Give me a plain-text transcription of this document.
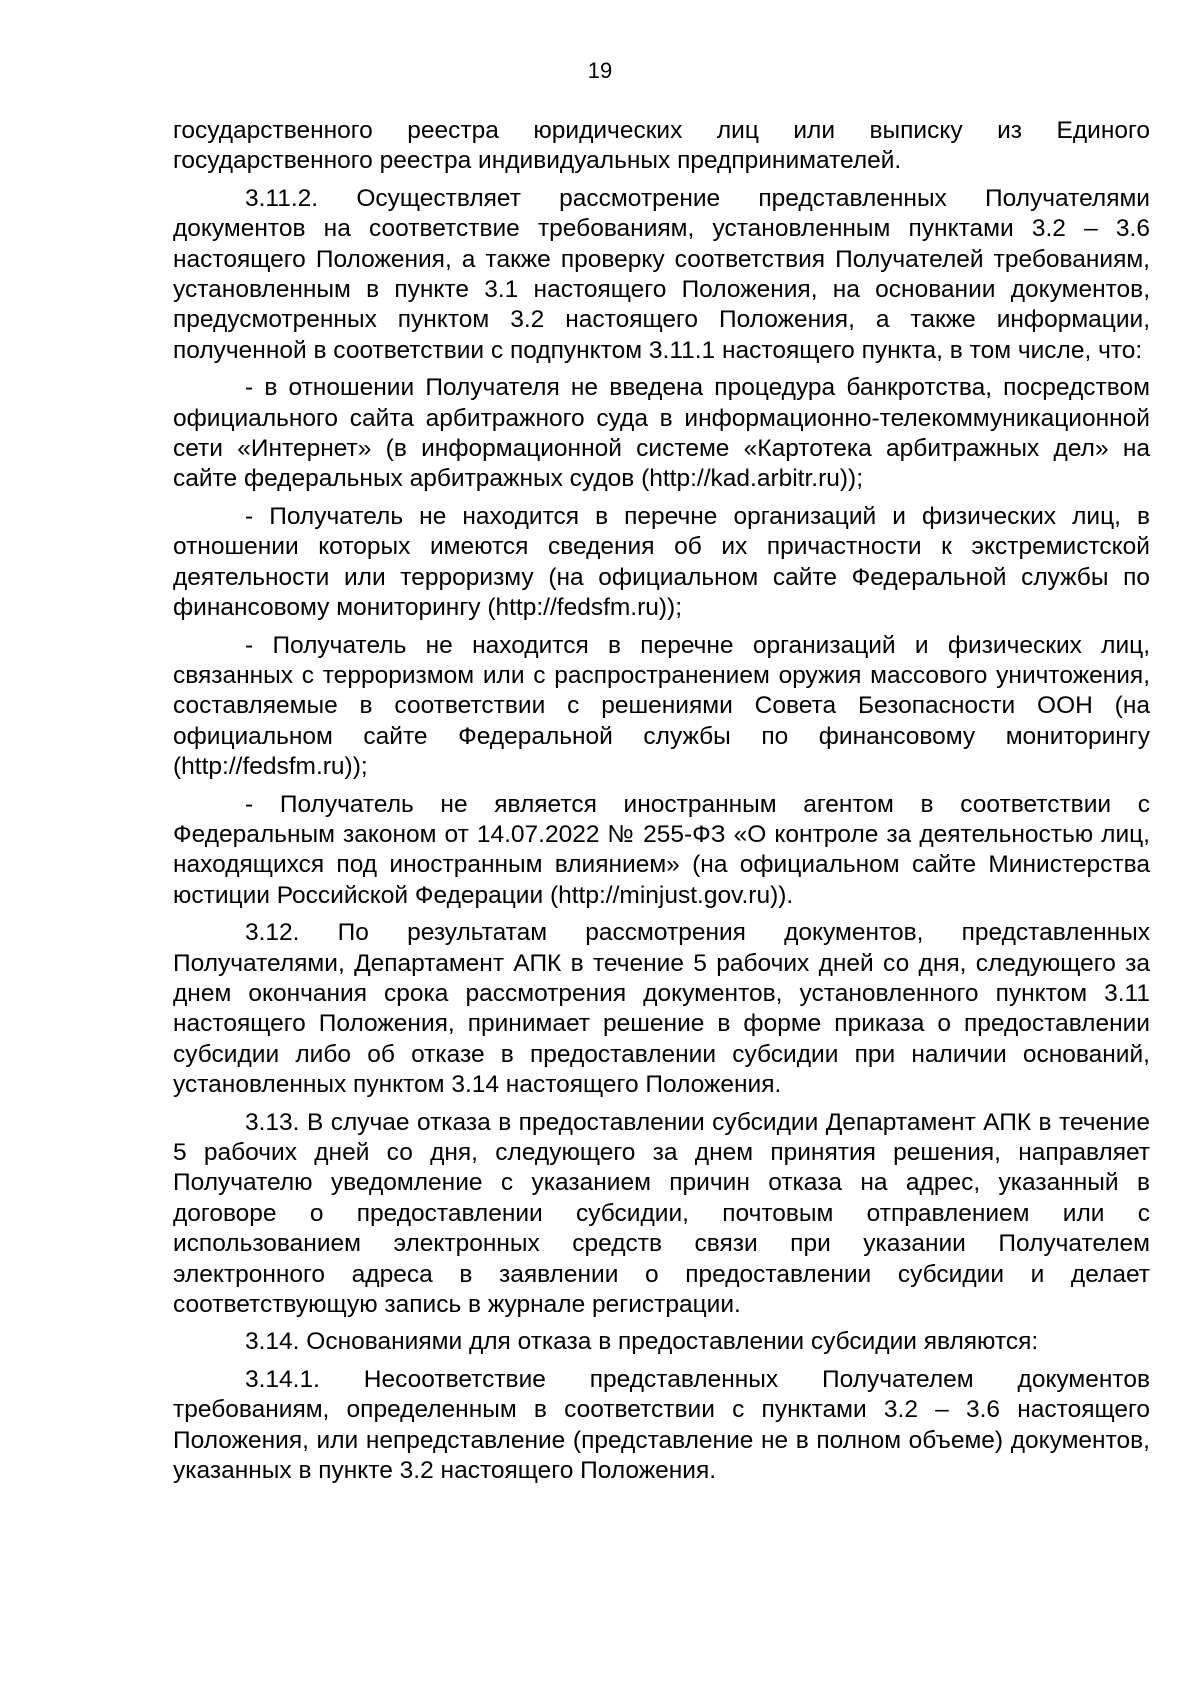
19

государственного реестра юридических лиц или выписку из Единого государственного реестра индивидуальных предпринимателей.

3.11.2. Осуществляет рассмотрение представленных Получателями документов на соответствие требованиям, установленным пунктами 3.2 – 3.6 настоящего Положения, а также проверку соответствия Получателей требованиям, установленным в пункте 3.1 настоящего Положения, на основании документов, предусмотренных пунктом 3.2 настоящего Положения, а также информации, полученной в соответствии с подпунктом 3.11.1 настоящего пункта, в том числе, что:

- в отношении Получателя не введена процедура банкротства, посредством официального сайта арбитражного суда в информационно-телекоммуникационной сети «Интернет» (в информационной системе «Картотека арбитражных дел» на сайте федеральных арбитражных судов (http://kad.arbitr.ru));

- Получатель не находится в перечне организаций и физических лиц, в отношении которых имеются сведения об их причастности к экстремистской деятельности или терроризму (на официальном сайте Федеральной службы по финансовому мониторингу (http://fedsfm.ru));

- Получатель не находится в перечне организаций и физических лиц, связанных с терроризмом или с распространением оружия массового уничтожения, составляемые в соответствии с решениями Совета Безопасности ООН (на официальном сайте Федеральной службы по финансовому мониторингу (http://fedsfm.ru));

- Получатель не является иностранным агентом в соответствии с Федеральным законом от 14.07.2022 № 255-ФЗ «О контроле за деятельностью лиц, находящихся под иностранным влиянием» (на официальном сайте Министерства юстиции Российской Федерации (http://minjust.gov.ru)).

3.12. По результатам рассмотрения документов, представленных Получателями, Департамент АПК в течение 5 рабочих дней со дня, следующего за днем окончания срока рассмотрения документов, установленного пунктом 3.11 настоящего Положения, принимает решение в форме приказа о предоставлении субсидии либо об отказе в предоставлении субсидии при наличии оснований, установленных пунктом 3.14 настоящего Положения.

3.13. В случае отказа в предоставлении субсидии Департамент АПК в течение 5 рабочих дней со дня, следующего за днем принятия решения, направляет Получателю уведомление с указанием причин отказа на адрес, указанный в договоре о предоставлении субсидии, почтовым отправлением или с использованием электронных средств связи при указании Получателем электронного адреса в заявлении о предоставлении субсидии и делает соответствующую запись в журнале регистрации.

3.14. Основаниями для отказа в предоставлении субсидии являются:

3.14.1. Несоответствие представленных Получателем документов требованиям, определенным в соответствии с пунктами 3.2 – 3.6 настоящего Положения, или непредставление (представление не в полном объеме) документов, указанных в пункте 3.2 настоящего Положения.
